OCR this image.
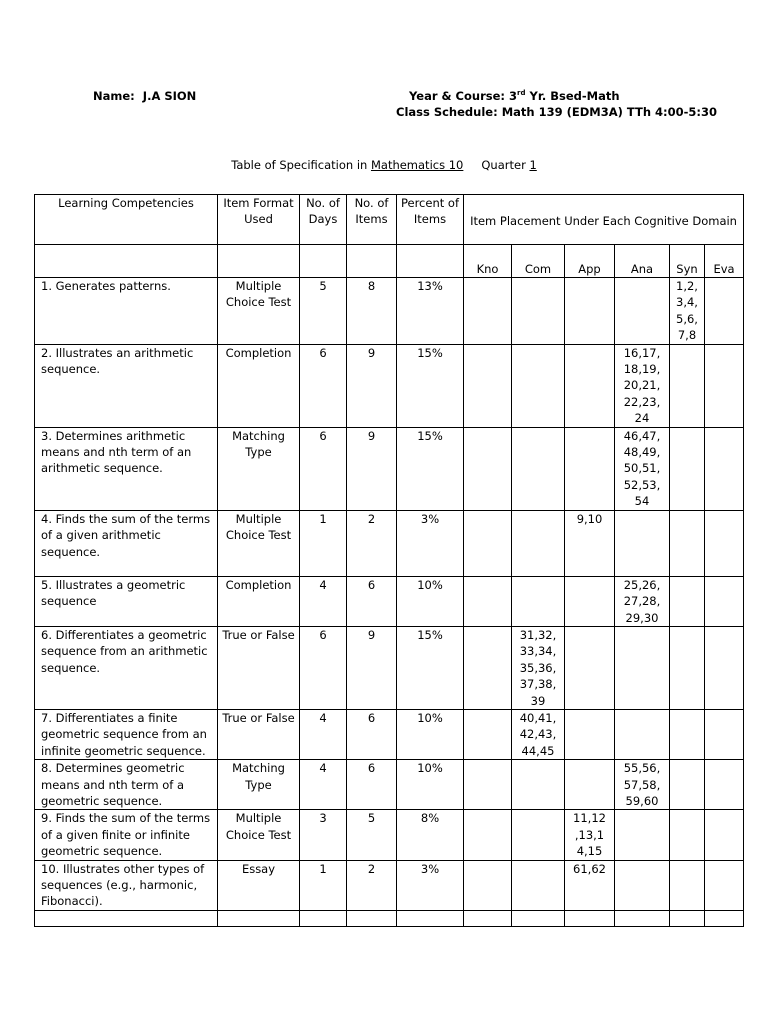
Name: J.A SION	Year & Course: 3rd Yr. Bsed-Math
Class Schedule: Math 139 (EDM3A) TTh 4:00-5:30
Table of Specification in Mathematics 10 Quarter 1
Learning Competencies	Item Format Used	No. of Days	No. of Items	Percent of Items	Item Placement Under Each Cognitive Domain					
					Kno	Com	App	Ana	Syn	Eva
1. Generates patterns.	Multiple Choice Test	5	8	13%					1,2, 3,4, 5,6, 7,8	
2. Illustrates an arithmetic sequence.	Completion	6	9	15%				16,17, 18,19, 20,21, 22,23, 24		
3. Determines arithmetic means and nth term of an arithmetic sequence.	Matching Type	6	9	15%				46,47, 48,49, 50,51, 52,53, 54		
4. Finds the sum of the terms of a given arithmetic sequence.	Multiple Choice Test	1	2	3%			9,10			
5. Illustrates a geometric sequence	Completion	4	6	10%				25,26, 27,28, 29,30		
6. Differentiates a geometric sequence from an arithmetic sequence.	True or False	6	9	15%		31,32, 33,34, 35,36, 37,38, 39				
7. Differentiates a finite geometric sequence from an infinite geometric sequence.	True or False	4	6	10%		40,41, 42,43, 44,45				
8. Determines geometric means and nth term of a geometric sequence.	Matching Type	4	6	10%				55,56, 57,58, 59,60		
9. Finds the sum of the terms of a given finite or infinite geometric sequence.	Multiple Choice Test	3	5	8%			11,12 ,13,1 4,15			
10. Illustrates other types of sequences (e.g., harmonic, Fibonacci).	Essay	1	2	3%			61,62			
